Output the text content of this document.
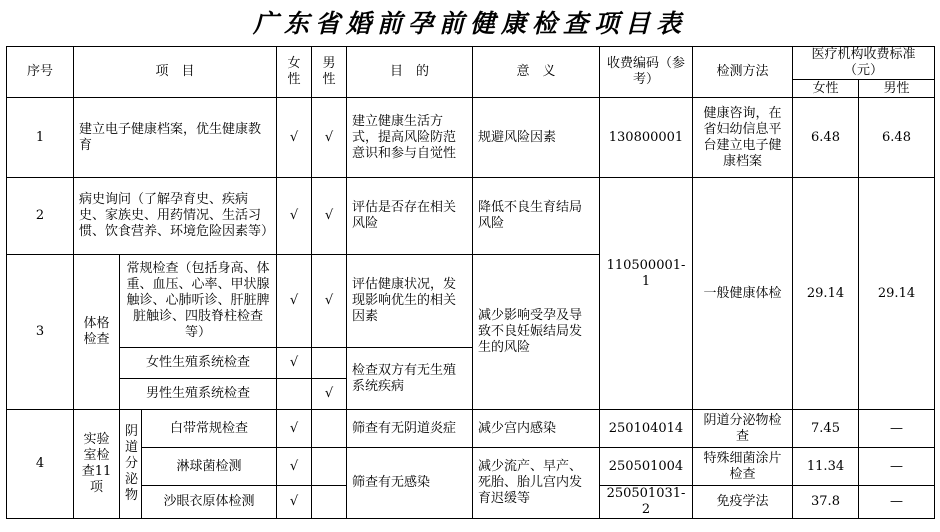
广东省婚前孕前健康检查项目表
序号	项　目			女性	男性	目　的	意　义	收费编码（参考）	检测方法	医疗机构收费标准（元）	
										女性	男性
1	建立电子健康档案，优生健康教育			√	√	建立健康生活方式，提高风险防范意识和参与自觉性	规避风险因素	130800001	健康咨询，在省妇幼信息平台建立电子健康档案	6.48	6.48
2	病史询问（了解孕育史、疾病史、家族史、用药情况、生活习惯、饮食营养、环境危险因素等）			√	√	评估是否存在相关风险	降低不良生育结局风险	110500001-1	一般健康体检	29.14	29.14
3	体格检查	常规检查（包括身高、体重、血压、心率、甲状腺触诊、心肺听诊、肝脏脾脏触诊、四肢脊柱检查等）		√	√	评估健康状况，发现影响优生的相关因素	减少影响受孕及导致不良妊娠结局发生的风险				
		女性生殖系统检查		√		检查双方有无生殖系统疾病					
		男性生殖系统检查			√						
4	实验室检查11项	阴道分泌物	白带常规检查	√		筛查有无阴道炎症	减少宫内感染	250104014	阴道分泌物检查	7.45	—
			淋球菌检测	√		筛查有无感染	减少流产、早产、死胎、胎儿宫内发育迟缓等	250501004	特殊细菌涂片检查	11.34	—
			沙眼衣原体检测	√				250501031-2	免疫学法	37.8	—
